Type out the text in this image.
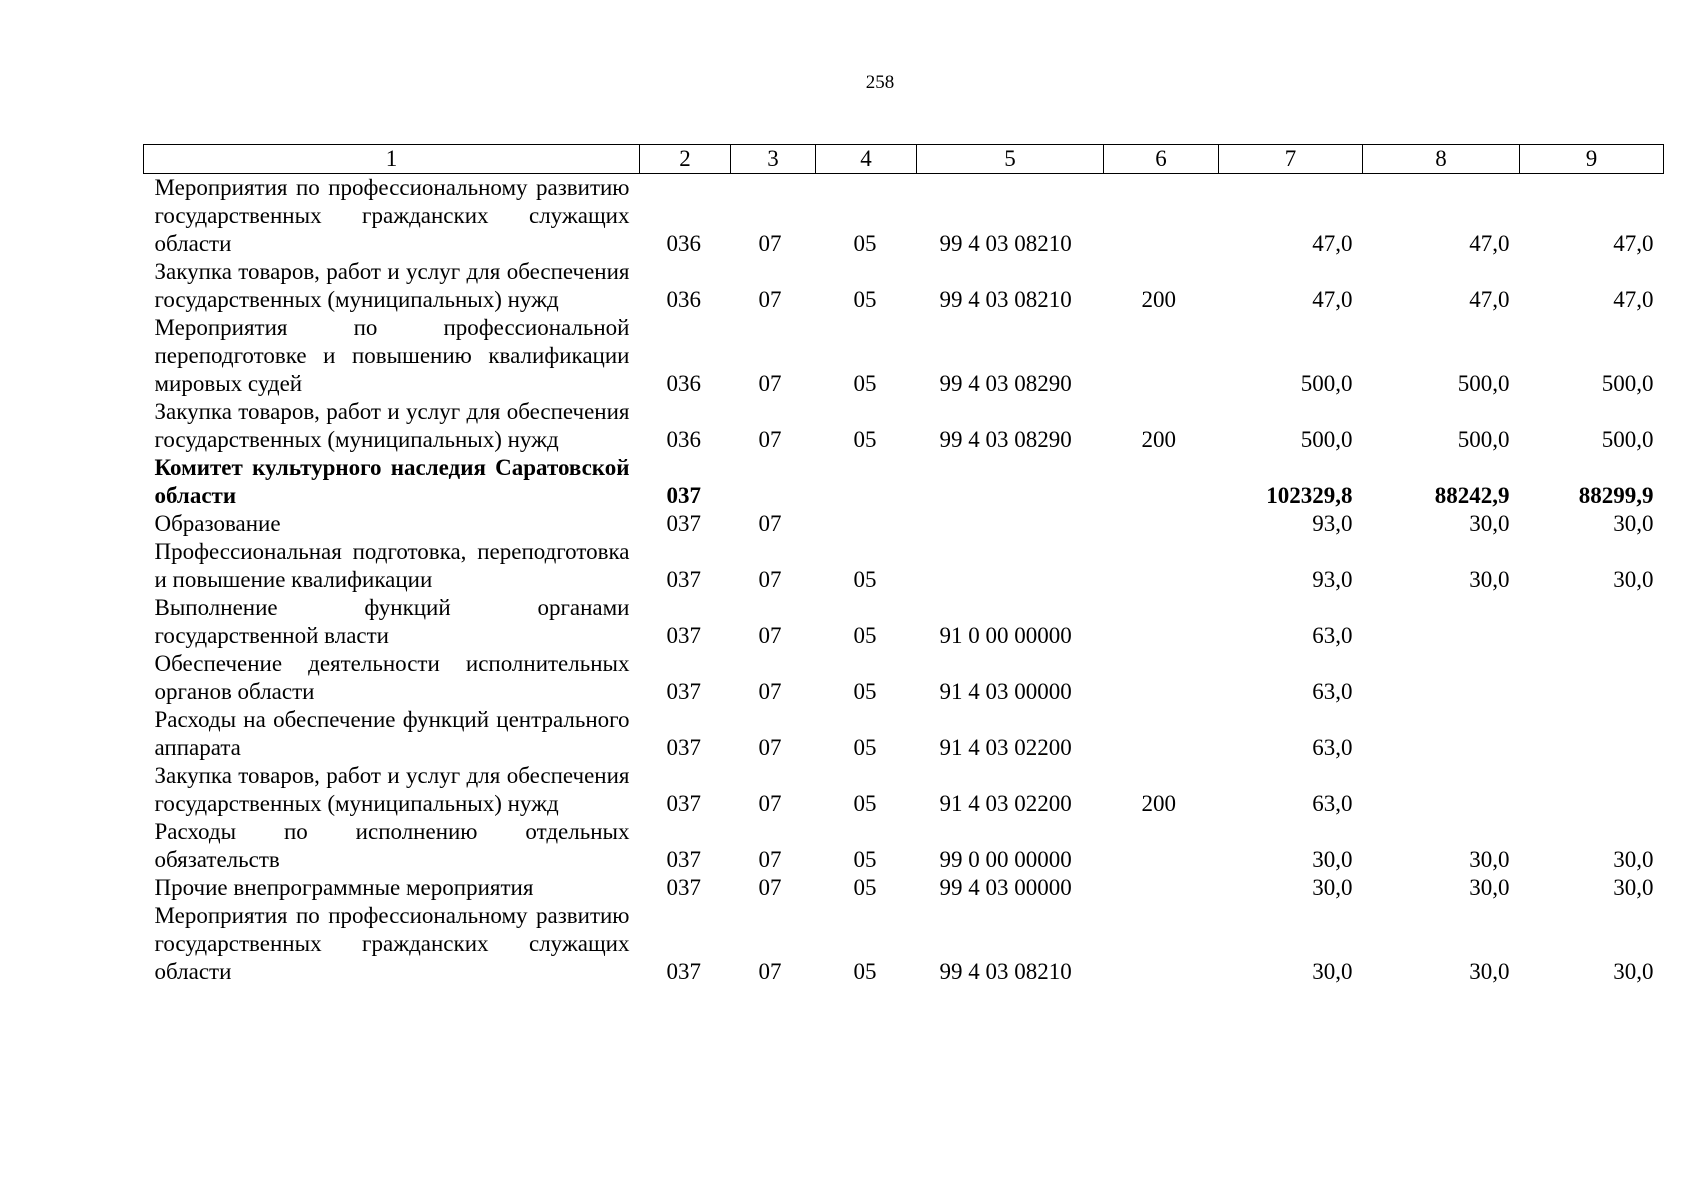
258
1	2	3	4	5	6	7	8	9
Мероприятия по профессиональному развитию государственных гражданских служащих области	036	07	05	99 4 03 08210		47,0	47,0	47,0
Закупка товаров, работ и услуг для обеспечения государственных (муниципальных) нужд	036	07	05	99 4 03 08210	200	47,0	47,0	47,0
Мероприятия по профессиональной переподготовке и повышению квалификации мировых судей	036	07	05	99 4 03 08290		500,0	500,0	500,0
Закупка товаров, работ и услуг для обеспечения государственных (муниципальных) нужд	036	07	05	99 4 03 08290	200	500,0	500,0	500,0
Комитет культурного наследия Саратовской области	037					102329,8	88242,9	88299,9
Образование	037	07				93,0	30,0	30,0
Профессиональная подготовка, переподготовка и повышение квалификации	037	07	05			93,0	30,0	30,0
Выполнение функций органами государственной власти	037	07	05	91 0 00 00000		63,0		
Обеспечение деятельности исполнительных органов области	037	07	05	91 4 03 00000		63,0		
Расходы на обеспечение функций центрального аппарата	037	07	05	91 4 03 02200		63,0		
Закупка товаров, работ и услуг для обеспечения государственных (муниципальных) нужд	037	07	05	91 4 03 02200	200	63,0		
Расходы по исполнению отдельных обязательств	037	07	05	99 0 00 00000		30,0	30,0	30,0
Прочие внепрограммные мероприятия	037	07	05	99 4 03 00000		30,0	30,0	30,0
Мероприятия по профессиональному развитию государственных гражданских служащих области	037	07	05	99 4 03 08210		30,0	30,0	30,0
